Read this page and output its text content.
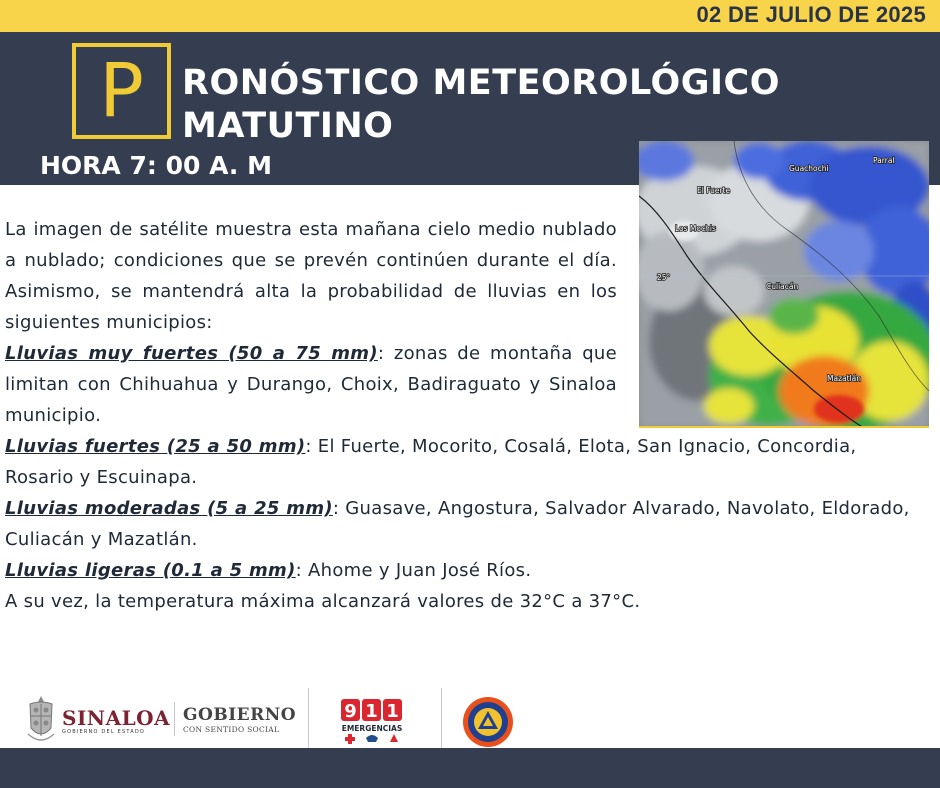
02 DE JULIO DE 2025
P	RONÓSTICO METEOROLÓGICO
MATUTINO
HORA 7: 00 A. M	Guachochi
Parral
El Fuerte
Los Mochis
Culiacán
Mazatlán
25°

La imagen de satélite muestra esta mañana cielo medio nublado a nublado; condiciones que se prevén continúen durante el día. Asimismo, se mantendrá alta la probabilidad de lluvias en los siguientes municipios:

Lluvias muy fuertes (50 a 75 mm): zonas de montaña que limitan con Chihuahua y Durango, Choix, Badiraguato y Sinaloa municipio.

Lluvias fuertes (25 a 50 mm): El Fuerte, Mocorito, Cosalá, Elota, San Ignacio, Concordia, Rosario y Escuinapa.

Lluvias moderadas (5 a 25 mm): Guasave, Angostura, Salvador Alvarado, Navolato, Eldorado, Culiacán y Mazatlán.

Lluvias ligeras (0.1 a 5 mm): Ahome y Juan José Ríos.

A su vez, la temperatura máxima alcanzará valores de 32°C a 37°C.

SINALOA
GOBIERNO DEL ESTADO
GOBIERNO
CON SENTIDO SOCIAL
9 1 1
EMERGENCIAS
